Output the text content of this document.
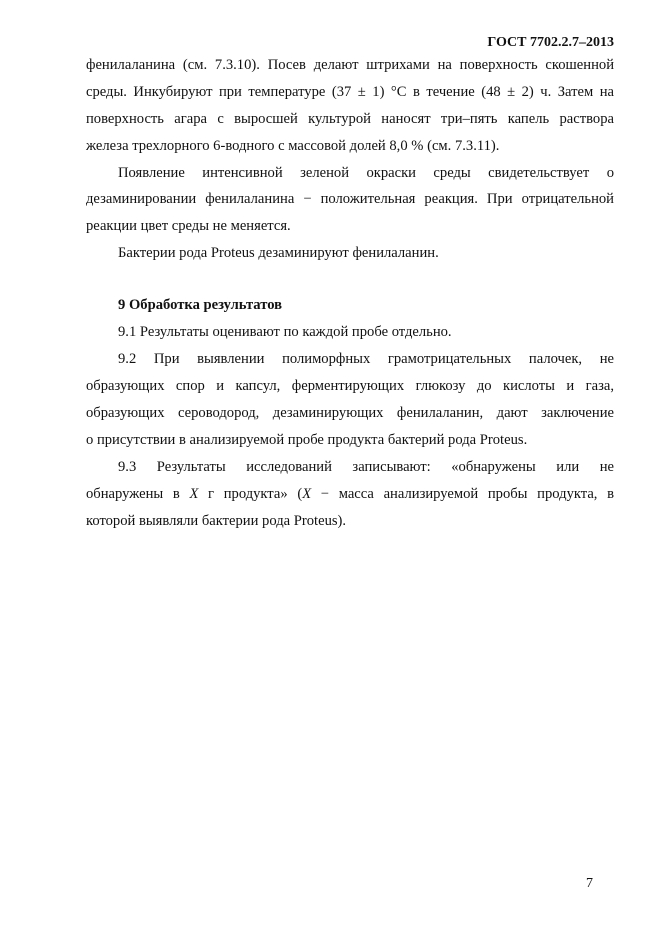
ГОСТ 7702.2.7–2013
фенилаланина (см. 7.3.10). Посев делают штрихами на поверхность скошенной
среды. Инкубируют при температуре (37 ± 1) °С в течение (48 ± 2) ч. Затем на
поверхность агара с выросшей культурой наносят три–пять капель раствора
железа трехлорного 6-водного с массовой долей 8,0 % (см. 7.3.11).
Появление интенсивной зеленой окраски среды свидетельствует о
дезаминировании фенилаланина − положительная реакция. При отрицательной
реакции цвет среды не меняется.
Бактерии рода Proteus дезаминируют фенилаланин.
9 Обработка результатов
9.1 Результаты оценивают по каждой пробе отдельно.
9.2 При выявлении полиморфных грамотрицательных палочек, не
образующих спор и капсул, ферментирующих глюкозу до кислоты и газа,
образующих сероводород, дезаминирующих фенилаланин, дают заключение
о присутствии в анализируемой пробе продукта бактерий рода Proteus.
9.3 Результаты исследований записывают: «обнаружены или не
обнаружены в X г продукта» (X − масса анализируемой пробы продукта, в
которой выявляли бактерии рода Proteus).
7
